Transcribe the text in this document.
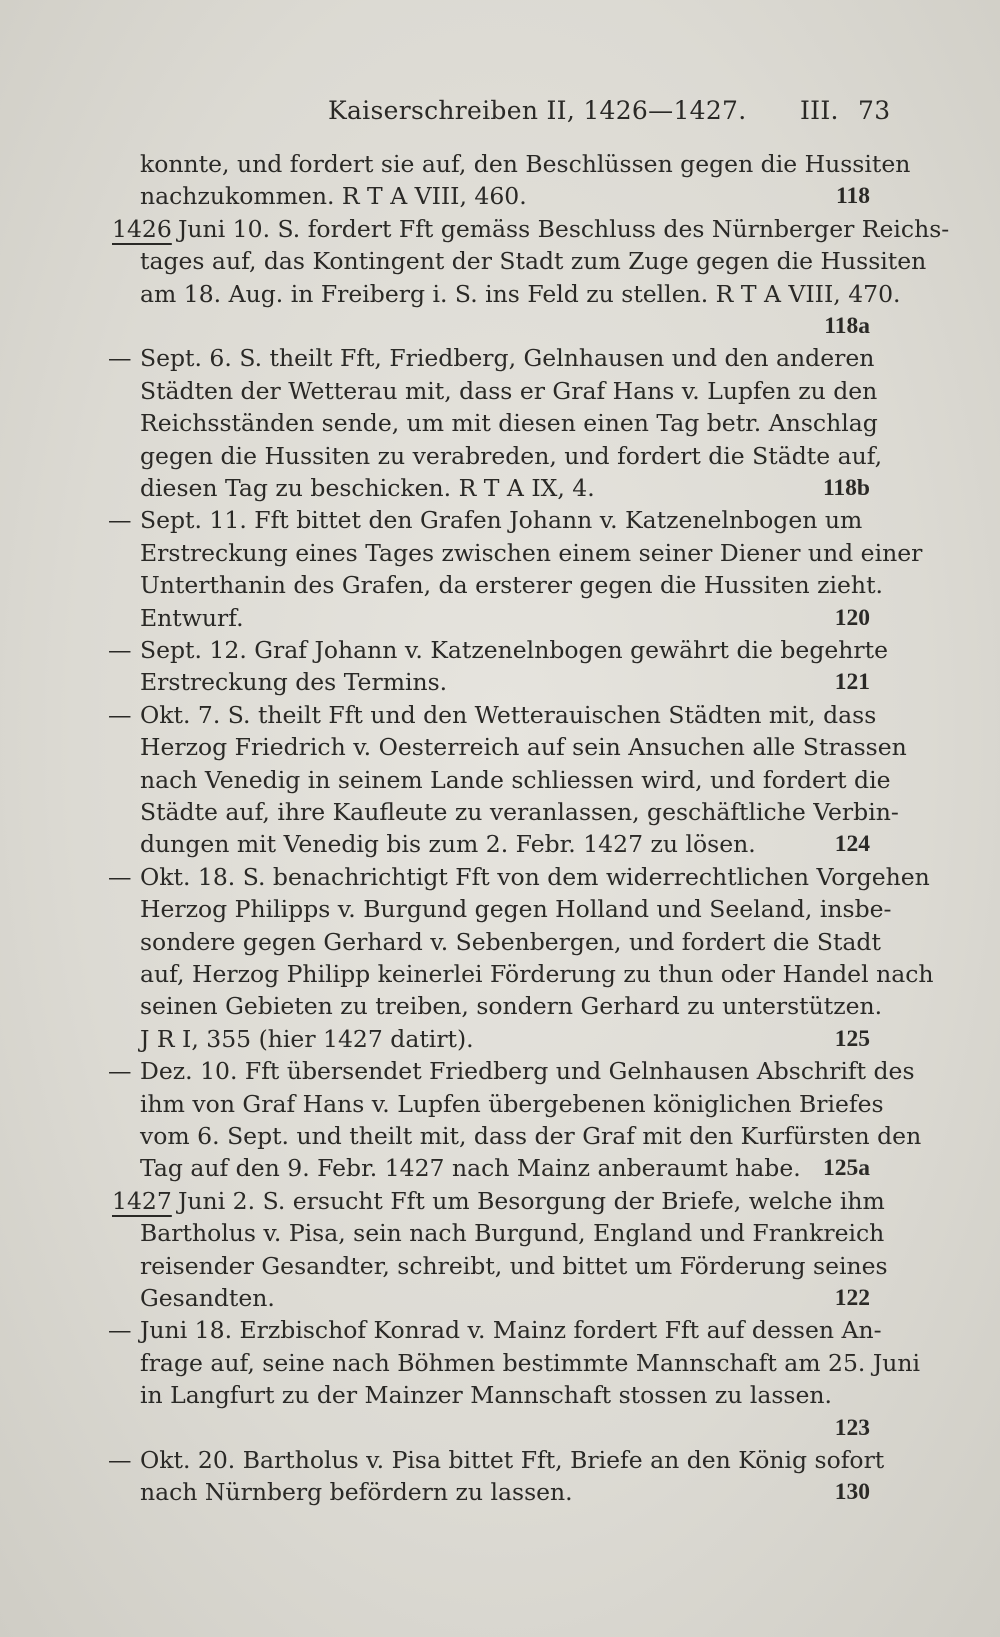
Kaiserschreiben II, 1426—1427. III. 73
konnte, und fordert sie auf, den Beschlüssen gegen die Hussiten
nachzukommen. R T A VIII, 460.	118
1426 Juni 10. S. fordert Fft gemäss Beschluss des Nürnberger Reichs-
tages auf, das Kontingent der Stadt zum Zuge gegen die Hussiten
am 18. Aug. in Freiberg i. S. ins Feld zu stellen. R T A VIII, 470.
118a
— Sept. 6. S. theilt Fft, Friedberg, Gelnhausen und den anderen
Städten der Wetterau mit, dass er Graf Hans v. Lupfen zu den
Reichsständen sende, um mit diesen einen Tag betr. Anschlag
gegen die Hussiten zu verabreden, und fordert die Städte auf,
diesen Tag zu beschicken. R T A IX, 4.	118b
— Sept. 11. Fft bittet den Grafen Johann v. Katzenelnbogen um
Erstreckung eines Tages zwischen einem seiner Diener und einer
Unterthanin des Grafen, da ersterer gegen die Hussiten zieht.
Entwurf.	120
— Sept. 12. Graf Johann v. Katzenelnbogen gewährt die begehrte
Erstreckung des Termins.	121
— Okt. 7. S. theilt Fft und den Wetterauischen Städten mit, dass
Herzog Friedrich v. Oesterreich auf sein Ansuchen alle Strassen
nach Venedig in seinem Lande schliessen wird, und fordert die
Städte auf, ihre Kaufleute zu veranlassen, geschäftliche Verbin-
dungen mit Venedig bis zum 2. Febr. 1427 zu lösen.	124
— Okt. 18. S. benachrichtigt Fft von dem widerrechtlichen Vorgehen
Herzog Philipps v. Burgund gegen Holland und Seeland, insbe-
sondere gegen Gerhard v. Sebenbergen, und fordert die Stadt
auf, Herzog Philipp keinerlei Förderung zu thun oder Handel nach
seinen Gebieten zu treiben, sondern Gerhard zu unterstützen.
J R I, 355 (hier 1427 datirt).	125
— Dez. 10. Fft übersendet Friedberg und Gelnhausen Abschrift des
ihm von Graf Hans v. Lupfen übergebenen königlichen Briefes
vom 6. Sept. und theilt mit, dass der Graf mit den Kurfürsten den
Tag auf den 9. Febr. 1427 nach Mainz anberaumt habe. 125a
1427 Juni 2. S. ersucht Fft um Besorgung der Briefe, welche ihm
Bartholus v. Pisa, sein nach Burgund, England und Frankreich
reisender Gesandter, schreibt, und bittet um Förderung seines
Gesandten.	122
— Juni 18. Erzbischof Konrad v. Mainz fordert Fft auf dessen An-
frage auf, seine nach Böhmen bestimmte Mannschaft am 25. Juni
in Langfurt zu der Mainzer Mannschaft stossen zu lassen.
123
— Okt. 20. Bartholus v. Pisa bittet Fft, Briefe an den König sofort
nach Nürnberg befördern zu lassen.	130
